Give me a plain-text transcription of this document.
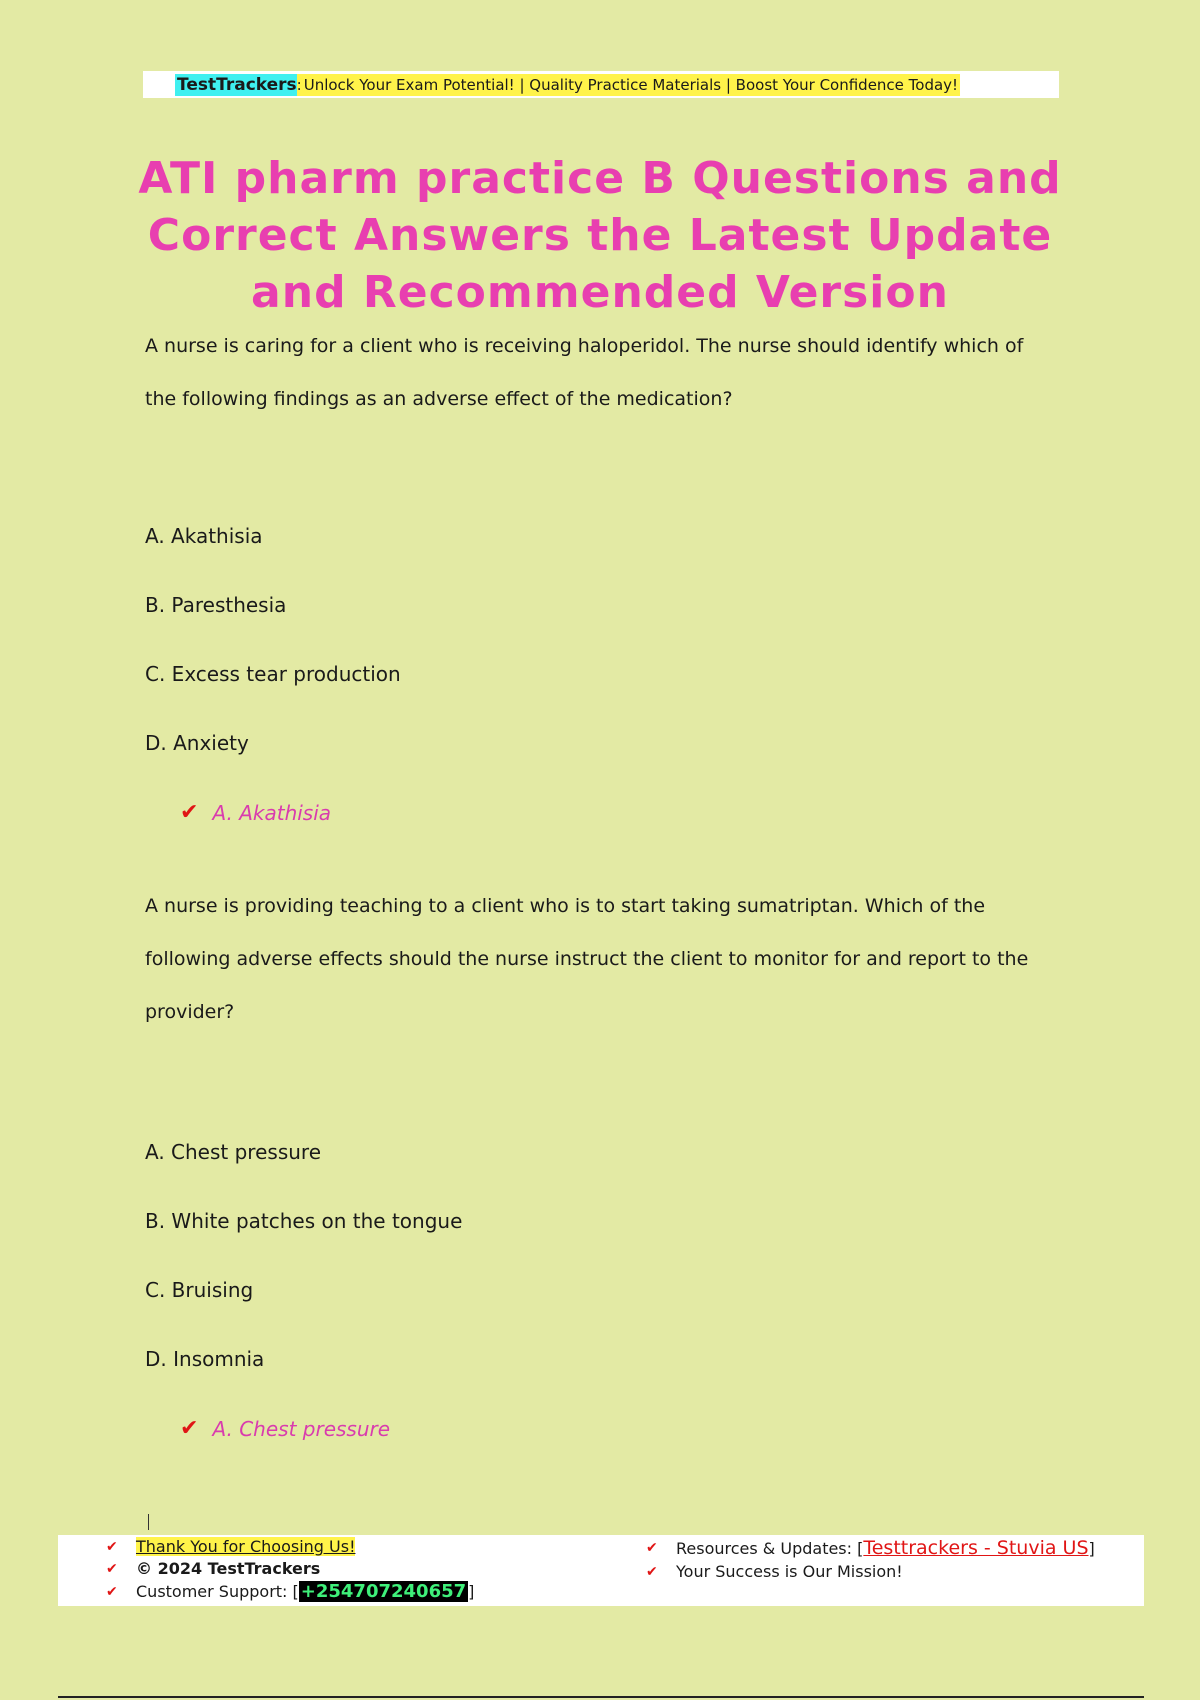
TestTrackers : Unlock Your Exam Potential! | Quality Practice Materials | Boost Your Confidence Today!
ATI pharm practice B Questions and Correct Answers the Latest Update and Recommended Version
A nurse is caring for a client who is receiving haloperidol. The nurse should identify which of the following findings as an adverse effect of the medication?
A. Akathisia
B. Paresthesia
C. Excess tear production
D. Anxiety
✔ A. Akathisia
A nurse is providing teaching to a client who is to start taking sumatriptan. Which of the following adverse effects should the nurse instruct the client to monitor for and report to the provider?
A. Chest pressure
B. White patches on the tongue
C. Bruising
D. Insomnia
✔ A. Chest pressure
✔	Thank You for Choosing Us!
✔	© 2024 TestTrackers
✔	Customer Support: [ +254707240657 ]
✔	Resources & Updates: [ Testtrackers - Stuvia US ]
✔	Your Success is Our Mission!
